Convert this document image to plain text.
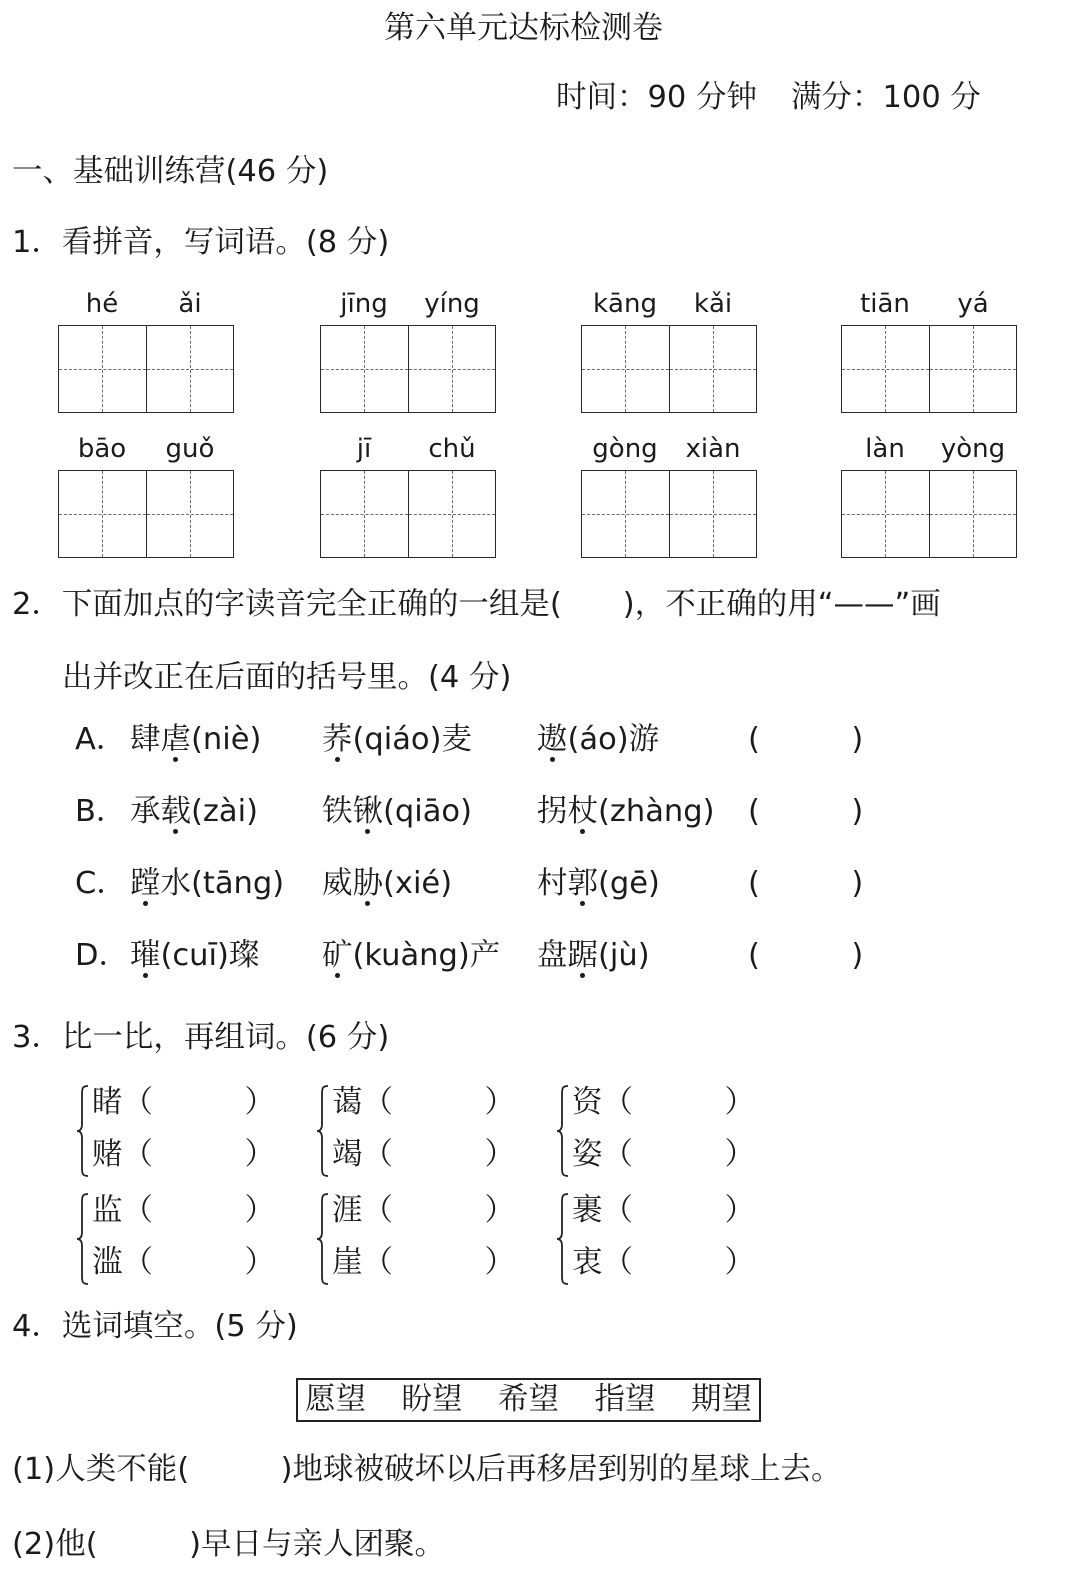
第六单元达标检测卷
时间：90 分钟 满分：100 分
一、基础训练营(46 分)
1．看拼音，写词语。(8 分)
hé	ǎi	jīng	yíng	kāng	kǎi	tiān	yá
bāo	guǒ	jī	chǔ	gòng	xiàn	làn	yòng
2．下面加点的字读音完全正确的一组是(　　)，不正确的用“——”画
出并改正在后面的括号里。(4 分)
A． 肆虐(niè)	荞(qiáo)麦	遨(áo)游	(　　　)
B． 承载(zài)	铁锹(qiāo)	拐杖(zhàng)	(　　　)
C． 蹚水(tāng)	威胁(xié)	村郭(gē)	(　　　)
D． 璀(cuī)璨	矿(kuàng)产	盘踞(jù)	(　　　)
3．比一比，再组词。(6 分)
睹（　　　）
赌（　　　）
蔼（　　　）
竭（　　　）
资（　　　）
姿（　　　）
监（　　　）
滥（　　　）
涯（　　　）
崖（　　　）
裹（　　　）
衷（　　　）
4．选词填空。(5 分)
愿望 盼望 希望 指望 期望
(1)人类不能(　　　)地球被破坏以后再移居到别的星球上去。
(2)他(　　　)早日与亲人团聚。
